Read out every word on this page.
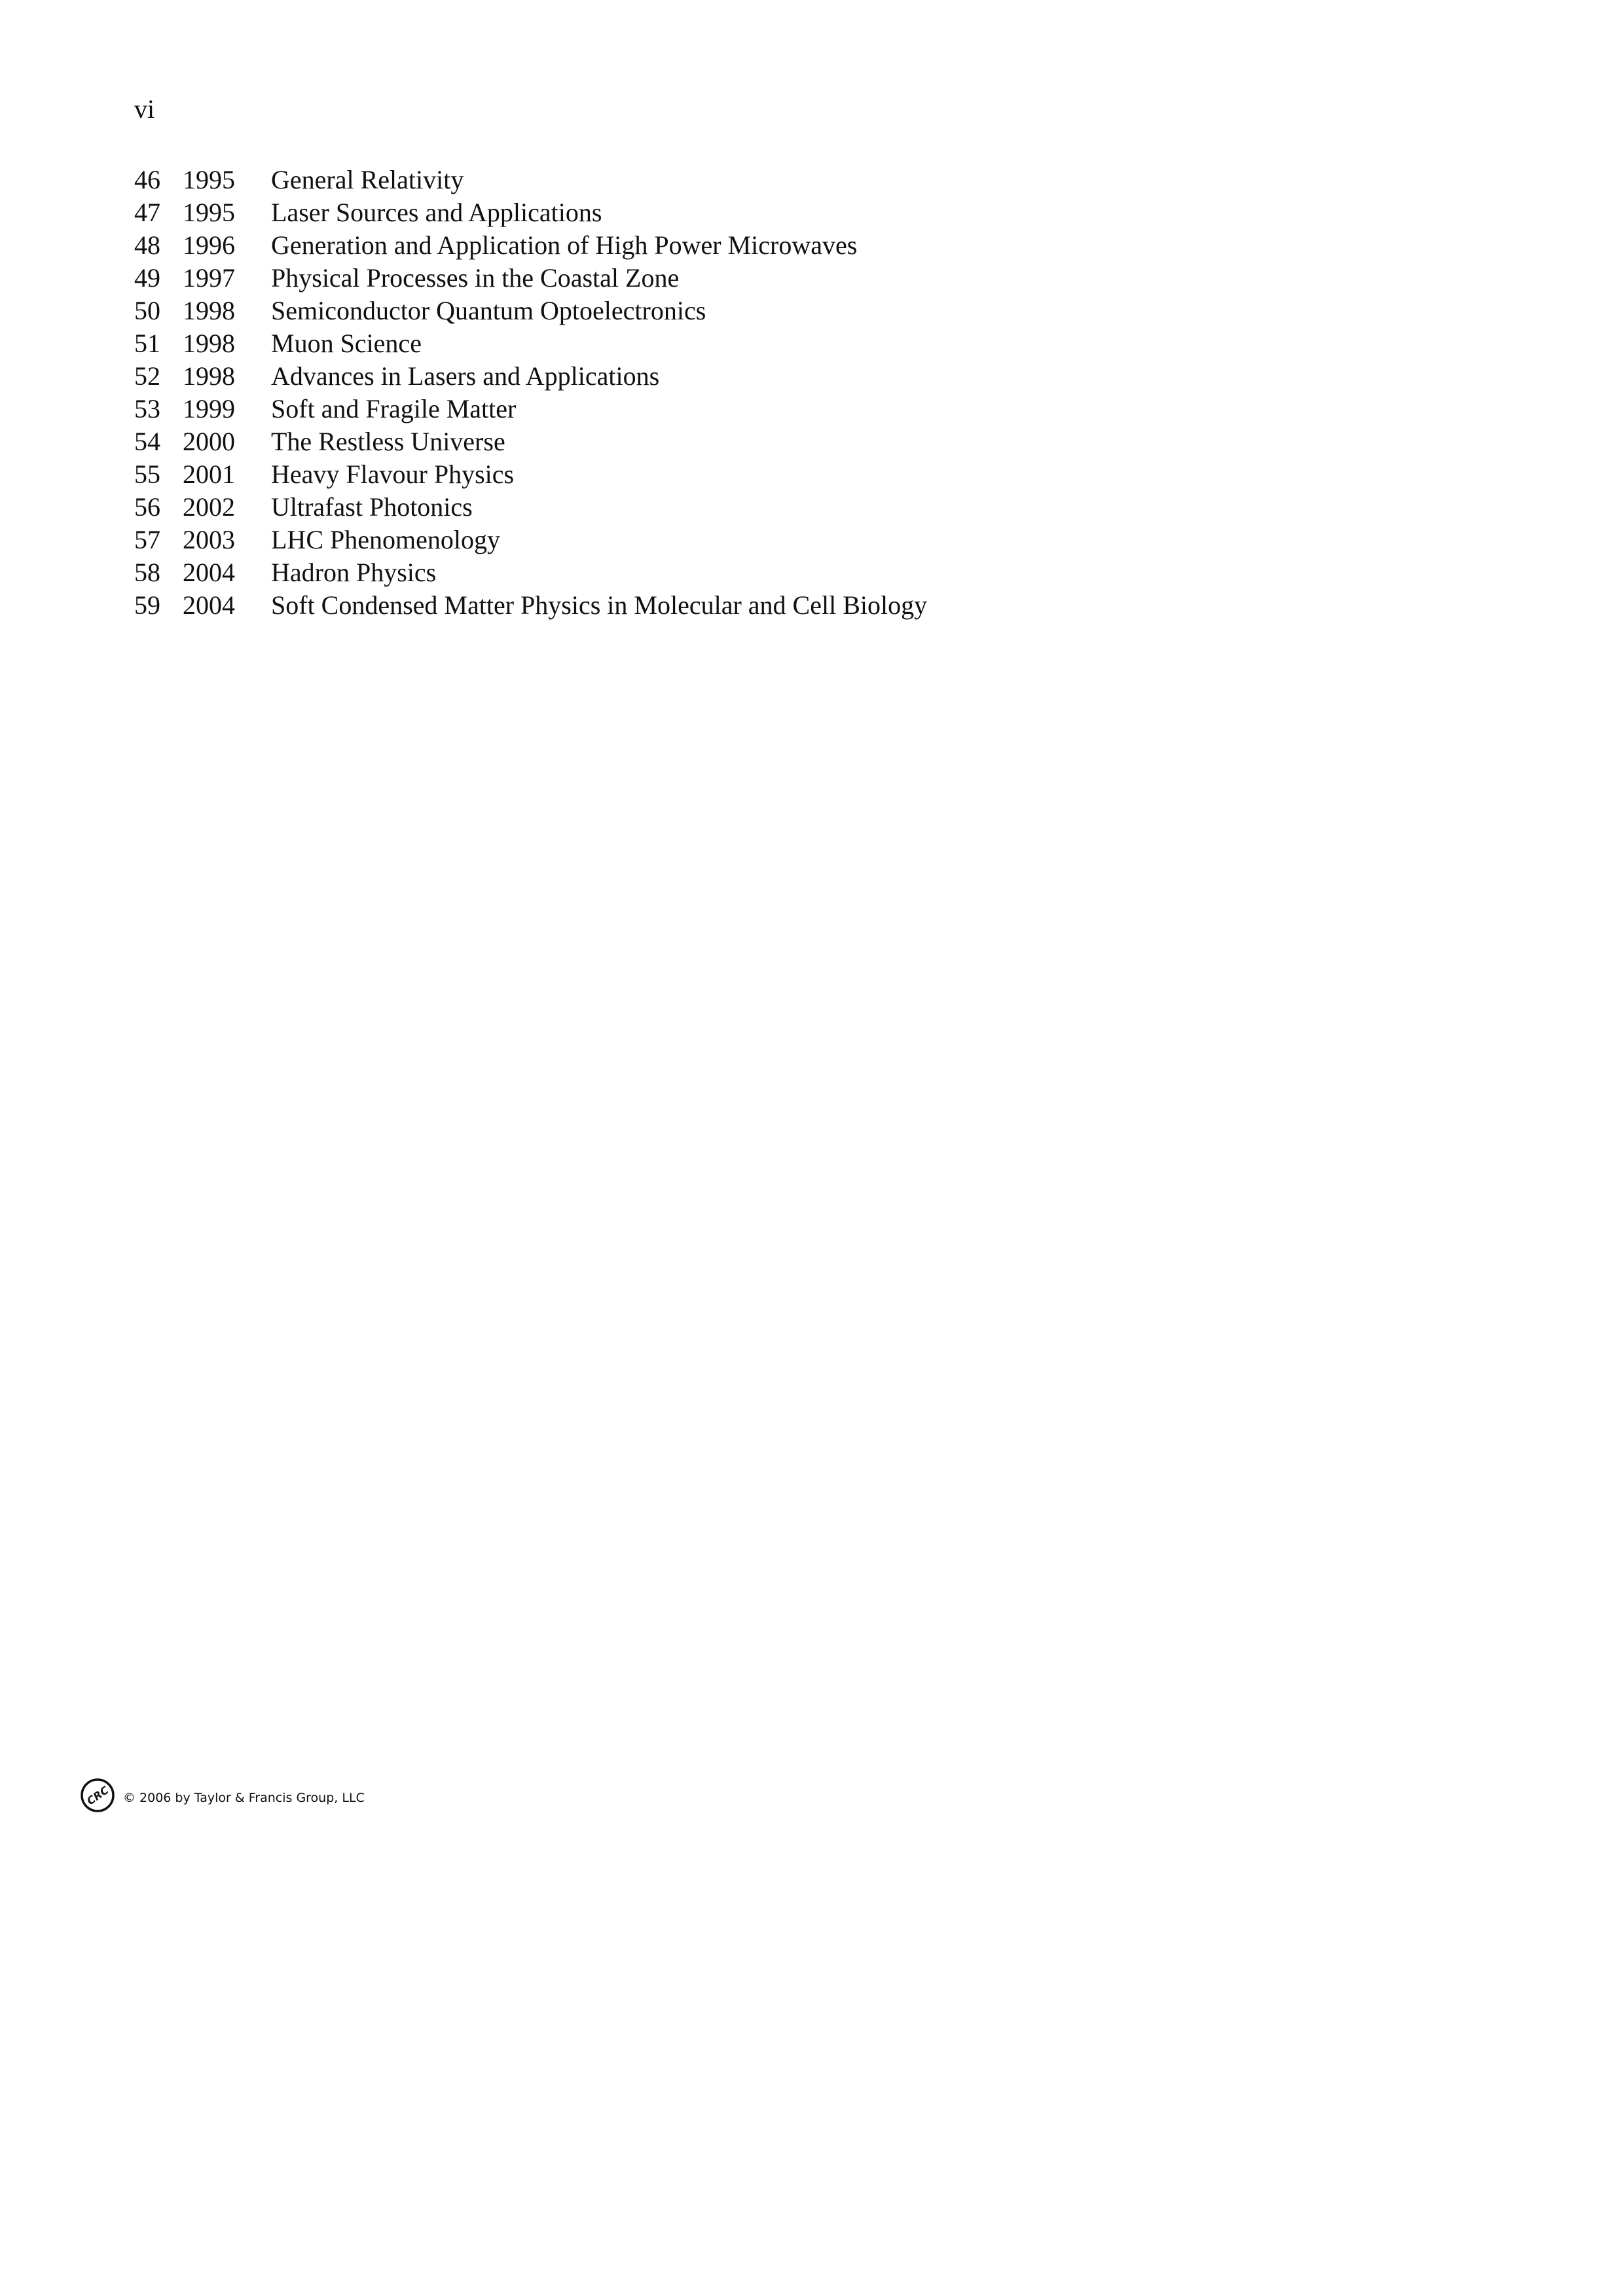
vi
46 1995	General Relativity
47 1995	Laser Sources and Applications
48 1996	Generation and Application of High Power Microwaves
49 1997	Physical Processes in the Coastal Zone
50 1998	Semiconductor Quantum Optoelectronics
51 1998	Muon Science
52 1998	Advances in Lasers and Applications
53 1999	Soft and Fragile Matter
54 2000	The Restless Universe
55 2001	Heavy Flavour Physics
56 2002	Ultrafast Photonics
57 2003	LHC Phenomenology
58 2004	Hadron Physics
59 2004	Soft Condensed Matter Physics in Molecular and Cell Biology
CRC © 2006 by Taylor & Francis Group, LLC
